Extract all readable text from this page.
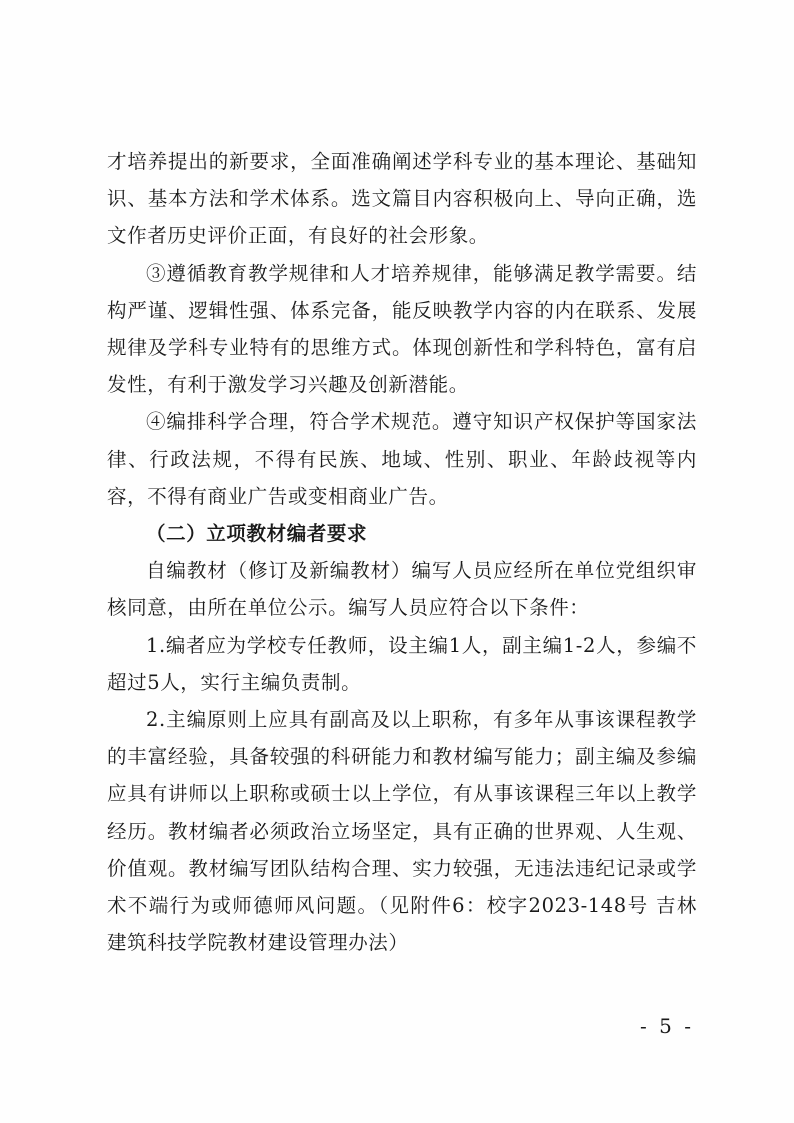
才培养提出的新要求，全面准确阐述学科专业的基本理论、基础知识、基本方法和学术体系。选文篇目内容积极向上、导向正确，选文作者历史评价正面，有良好的社会形象。

③遵循教育教学规律和人才培养规律，能够满足教学需要。结构严谨、逻辑性强、体系完备，能反映教学内容的内在联系、发展规律及学科专业特有的思维方式。体现创新性和学科特色，富有启发性，有利于激发学习兴趣及创新潜能。

④编排科学合理，符合学术规范。遵守知识产权保护等国家法律、行政法规，不得有民族、地域、性别、职业、年龄歧视等内容，不得有商业广告或变相商业广告。

（二）立项教材编者要求

自编教材（修订及新编教材）编写人员应经所在单位党组织审核同意，由所在单位公示。编写人员应符合以下条件：

1.编者应为学校专任教师，设主编1人，副主编1-2人，参编不超过5人，实行主编负责制。

2.主编原则上应具有副高及以上职称，有多年从事该课程教学的丰富经验，具备较强的科研能力和教材编写能力；副主编及参编应具有讲师以上职称或硕士以上学位，有从事该课程三年以上教学经历。教材编者必须政治立场坚定，具有正确的世界观、人生观、价值观。教材编写团队结构合理、实力较强，无违法违纪记录或学术不端行为或师德师风问题。（见附件6：校字2023-148号 吉林建筑科技学院教材建设管理办法）

- 5 -
